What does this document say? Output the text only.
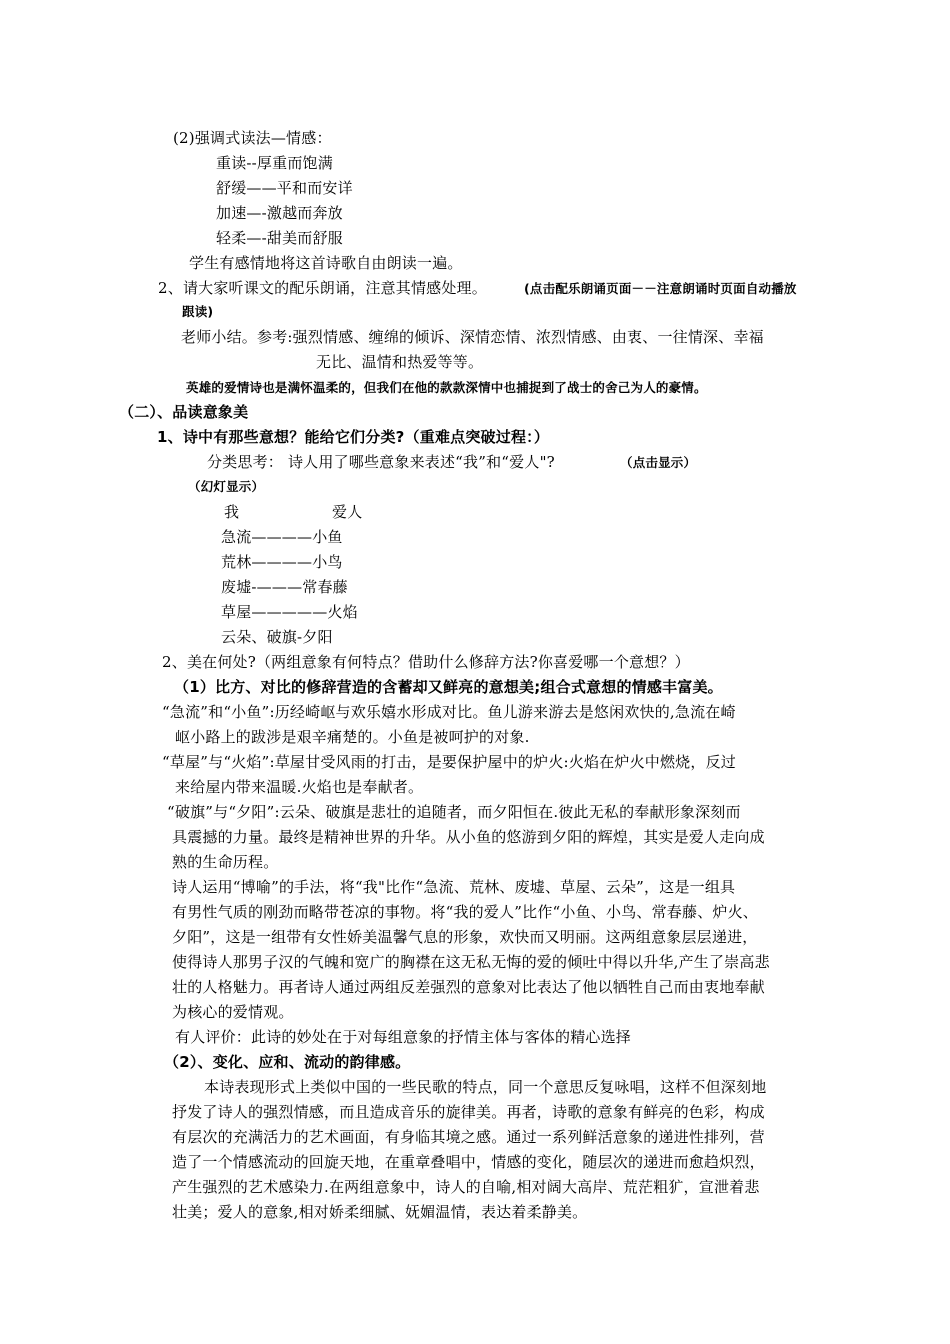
(2)强调式读法—情感：
重读--厚重而饱满
舒缓——平和而安详
加速—-激越而奔放
轻柔—-甜美而舒服
学生有感情地将这首诗歌自由朗读一遍。
2、请大家听课文的配乐朗诵，注意其情感处理。	(点击配乐朗诵页面－－注意朗诵时页面自动播放
跟读)
老师小结。参考:强烈情感、缠绵的倾诉、深情恋情、浓烈情感、由衷、一往情深、幸福
无比、温情和热爱等等。
英雄的爱情诗也是满怀温柔的，但我们在他的款款深情中也捕捉到了战士的舍己为人的豪情。
（二）、品读意象美
1、诗中有那些意想？能给它们分类?（重难点突破过程：）
分类思考： 诗人用了哪些意象来表述“我”和“爱人"?	（点击显示）
（幻灯显示）
我	爱人
急流————小鱼
荒林————小鸟
废墟-———常春藤
草屋—————火焰
云朵、破旗-夕阳
2、美在何处?（两组意象有何特点？借助什么修辞方法?你喜爱哪一个意想？）
（1）比方、对比的修辞营造的含蓄却又鲜亮的意想美;组合式意想的情感丰富美。
“急流”和“小鱼”:历经崎岖与欢乐嬉水形成对比。鱼儿游来游去是悠闲欢快的,急流在崎
岖小路上的跋涉是艰辛痛楚的。小鱼是被呵护的对象.
“草屋”与“火焰”:草屋甘受风雨的打击，是要保护屋中的炉火:火焰在炉火中燃烧，反过
来给屋内带来温暖.火焰也是奉献者。
“破旗”与“夕阳”:云朵、破旗是悲壮的追随者，而夕阳恒在.彼此无私的奉献形象深刻而
具震撼的力量。最终是精神世界的升华。从小鱼的悠游到夕阳的辉煌，其实是爱人走向成
熟的生命历程。
诗人运用“博喻”的手法，将“我"比作“急流、荒林、废墟、草屋、云朵”，这是一组具
有男性气质的刚劲而略带苍凉的事物。将“我的爱人”比作“小鱼、小鸟、常春藤、炉火、
夕阳”，这是一组带有女性娇美温馨气息的形象，欢快而又明丽。这两组意象层层递进，
使得诗人那男子汉的气魄和宽广的胸襟在这无私无悔的爱的倾吐中得以升华,产生了崇高悲
壮的人格魅力。再者诗人通过两组反差强烈的意象对比表达了他以牺牲自己而由衷地奉献
为核心的爱情观。
有人评价：此诗的妙处在于对每组意象的抒情主体与客体的精心选择
（2）、变化、应和、流动的韵律感。
本诗表现形式上类似中国的一些民歌的特点，同一个意思反复咏唱，这样不但深刻地
抒发了诗人的强烈情感，而且造成音乐的旋律美。再者，诗歌的意象有鲜亮的色彩，构成
有层次的充满活力的艺术画面，有身临其境之感。通过一系列鲜活意象的递进性排列，营
造了一个情感流动的回旋天地，在重章叠唱中，情感的变化，随层次的递进而愈趋炽烈，
产生强烈的艺术感染力.在两组意象中，诗人的自喻,相对阔大高岸、荒茫粗犷，宣泄着悲
壮美；爱人的意象,相对娇柔细腻、妩媚温情，表达着柔静美。
